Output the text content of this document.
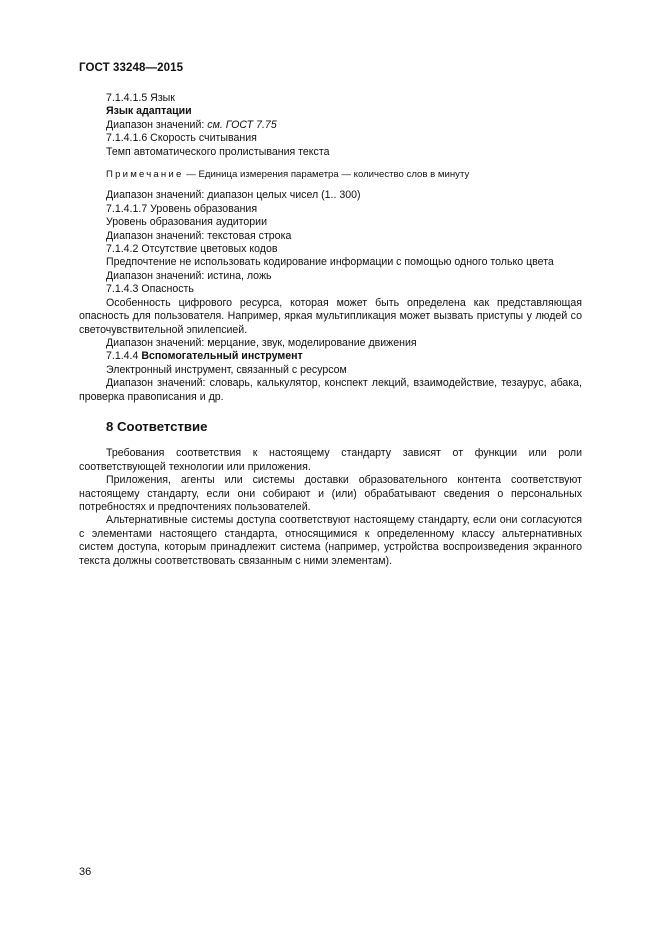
ГОСТ 33248—2015

7.1.4.1.5 Язык

Язык адаптации

Диапазон значений: см. ГОСТ 7.75

7.1.4.1.6 Скорость считывания

Темп автоматического пролистывания текста

Примечание — Единица измерения параметра — количество слов в минуту

Диапазон значений: диапазон целых чисел (1.. 300)

7.1.4.1.7 Уровень образования

Уровень образования аудитории

Диапазон значений: текстовая строка

7.1.4.2 Отсутствие цветовых кодов

Предпочтение не использовать кодирование информации с помощью одного только цвета

Диапазон значений: истина, ложь

7.1.4.3 Опасность

Особенность цифрового ресурса, которая может быть определена как представляющая опасность для пользователя. Например, яркая мультипликация может вызвать приступы у людей со светочувствительной эпилепсией.

Диапазон значений: мерцание, звук, моделирование движения

7.1.4.4 Вспомогательный инструмент

Электронный инструмент, связанный с ресурсом

Диапазон значений: словарь, калькулятор, конспект лекций, взаимодействие, тезаурус, абака, проверка правописания и др.

8 Соответствие

Требования соответствия к настоящему стандарту зависят от функции или роли соответствующей технологии или приложения.

Приложения, агенты или системы доставки образовательного контента соответствуют настоящему стандарту, если они собирают и (или) обрабатывают сведения о персональных потребностях и предпочтениях пользователей.

Альтернативные системы доступа соответствуют настоящему стандарту, если они согласуются с элементами настоящего стандарта, относящимися к определенному классу альтернативных систем доступа, которым принадлежит система (например, устройства воспроизведения экранного текста должны соответствовать связанным с ними элементам).

36
